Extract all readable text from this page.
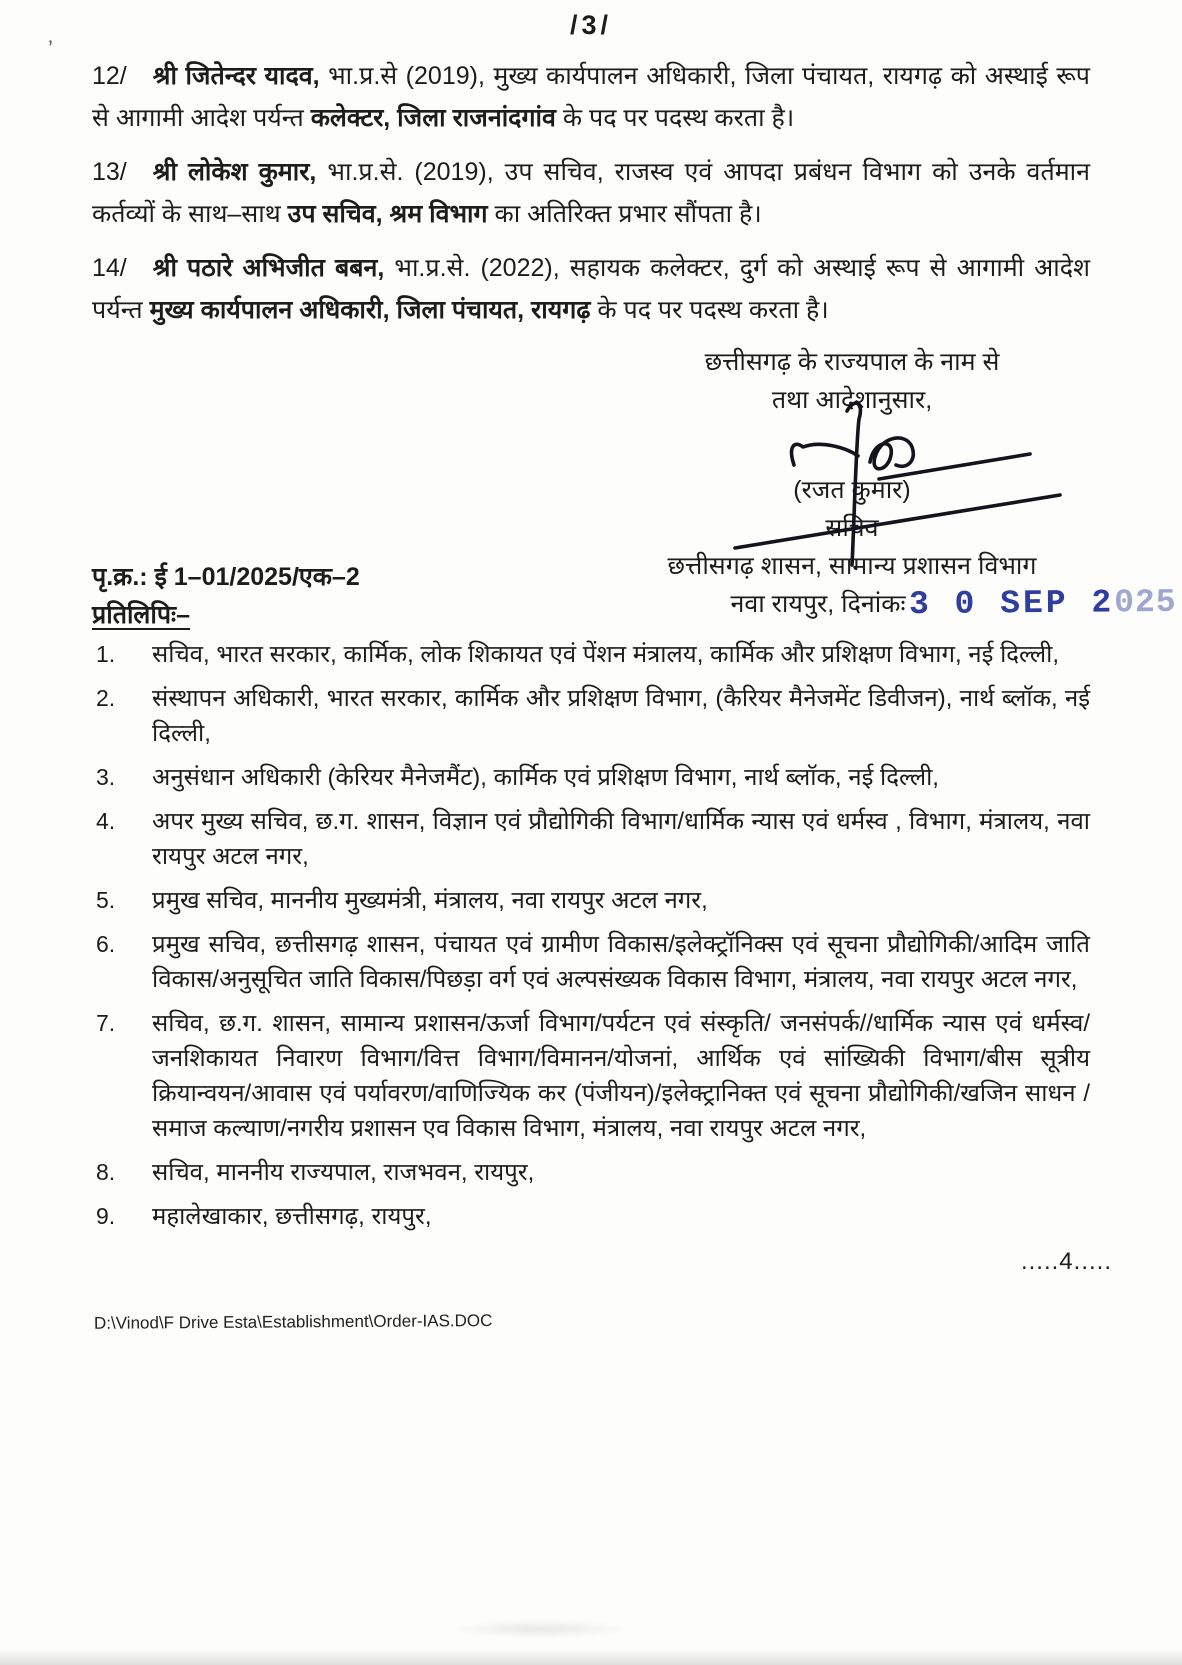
’
/3/

12/ श्री जितेन्दर यादव, भा.प्र.से (2019), मुख्य कार्यपालन अधिकारी, जिला पंचायत, रायगढ़ को अस्थाई रूप से आगामी आदेश पर्यन्त कलेक्टर, जिला राजनांदगांव के पद पर पदस्थ करता है।

13/ श्री लोकेश कुमार, भा.प्र.से. (2019), उप सचिव, राजस्व एवं आपदा प्रबंधन विभाग को उनके वर्तमान कर्तव्यों के साथ–साथ उप सचिव, श्रम विभाग का अतिरिक्त प्रभार सौंपता है।

14/ श्री पठारे अभिजीत बबन, भा.प्र.से. (2022), सहायक कलेक्टर, दुर्ग को अस्थाई रूप से आगामी आदेश पर्यन्त मुख्य कार्यपालन अधिकारी, जिला पंचायत, रायगढ़ के पद पर पदस्थ करता है।

छत्तीसगढ़ के राज्यपाल के नाम से
तथा आदेशानुसार,
(रजत कुमार)
सचिव
छत्तीसगढ़ शासन, सामान्य प्रशासन विभाग
नवा रायपुर, दिनांकः 3 0 SEP 2025
पृ.क्र.: ई 1–01/2025/एक–2
प्रतिलिपिः–
1.	सचिव, भारत सरकार, कार्मिक, लोक शिकायत एवं पेंशन मंत्रालय, कार्मिक और प्रशिक्षण विभाग, नई दिल्ली,
2.	संस्थापन अधिकारी, भारत सरकार, कार्मिक और प्रशिक्षण विभाग, (कैरियर मैनेजमेंट डिवीजन), नार्थ ब्लॉक, नई दिल्ली,
3.	अनुसंधान अधिकारी (केरियर मैनेजमैंट), कार्मिक एवं प्रशिक्षण विभाग, नार्थ ब्लॉक, नई दिल्ली,
4.	अपर मुख्य सचिव, छ.ग. शासन, विज्ञान एवं प्रौद्योगिकी विभाग/धार्मिक न्यास एवं धर्मस्व , विभाग, मंत्रालय, नवा रायपुर अटल नगर,
5.	प्रमुख सचिव, माननीय मुख्यमंत्री, मंत्रालय, नवा रायपुर अटल नगर,
6.	प्रमुख सचिव, छत्तीसगढ़ शासन, पंचायत एवं ग्रामीण विकास/इलेक्ट्रॉनिक्स एवं सूचना प्रौद्योगिकी/आदिम जाति विकास/अनुसूचित जाति विकास/पिछड़ा वर्ग एवं अल्पसंख्यक विकास विभाग, मंत्रालय, नवा रायपुर अटल नगर,
7.	सचिव, छ.ग. शासन, सामान्य प्रशासन/ऊर्जा विभाग/पर्यटन एवं संस्कृति/ जनसंपर्क//धार्मिक न्यास एवं धर्मस्व/जनशिकायत निवारण विभाग/वित्त विभाग/विमानन/योजनां, आर्थिक एवं सांख्यिकी विभाग/बीस सूत्रीय क्रियान्वयन/आवास एवं पर्यावरण/वाणिज्यिक कर (पंजीयन)/इलेक्ट्रानिक्त एवं सूचना प्रौद्योगिकी/खजिन साधन /समाज कल्याण/नगरीय प्रशासन एव विकास विभाग, मंत्रालय, नवा रायपुर अटल नगर,
8.	सचिव, माननीय राज्यपाल, राजभवन, रायपुर,
9.	महालेखाकार, छत्तीसगढ़, रायपुर,
.....4.....
D:\Vinod\F Drive Esta\Establishment\Order-IAS.DOC
